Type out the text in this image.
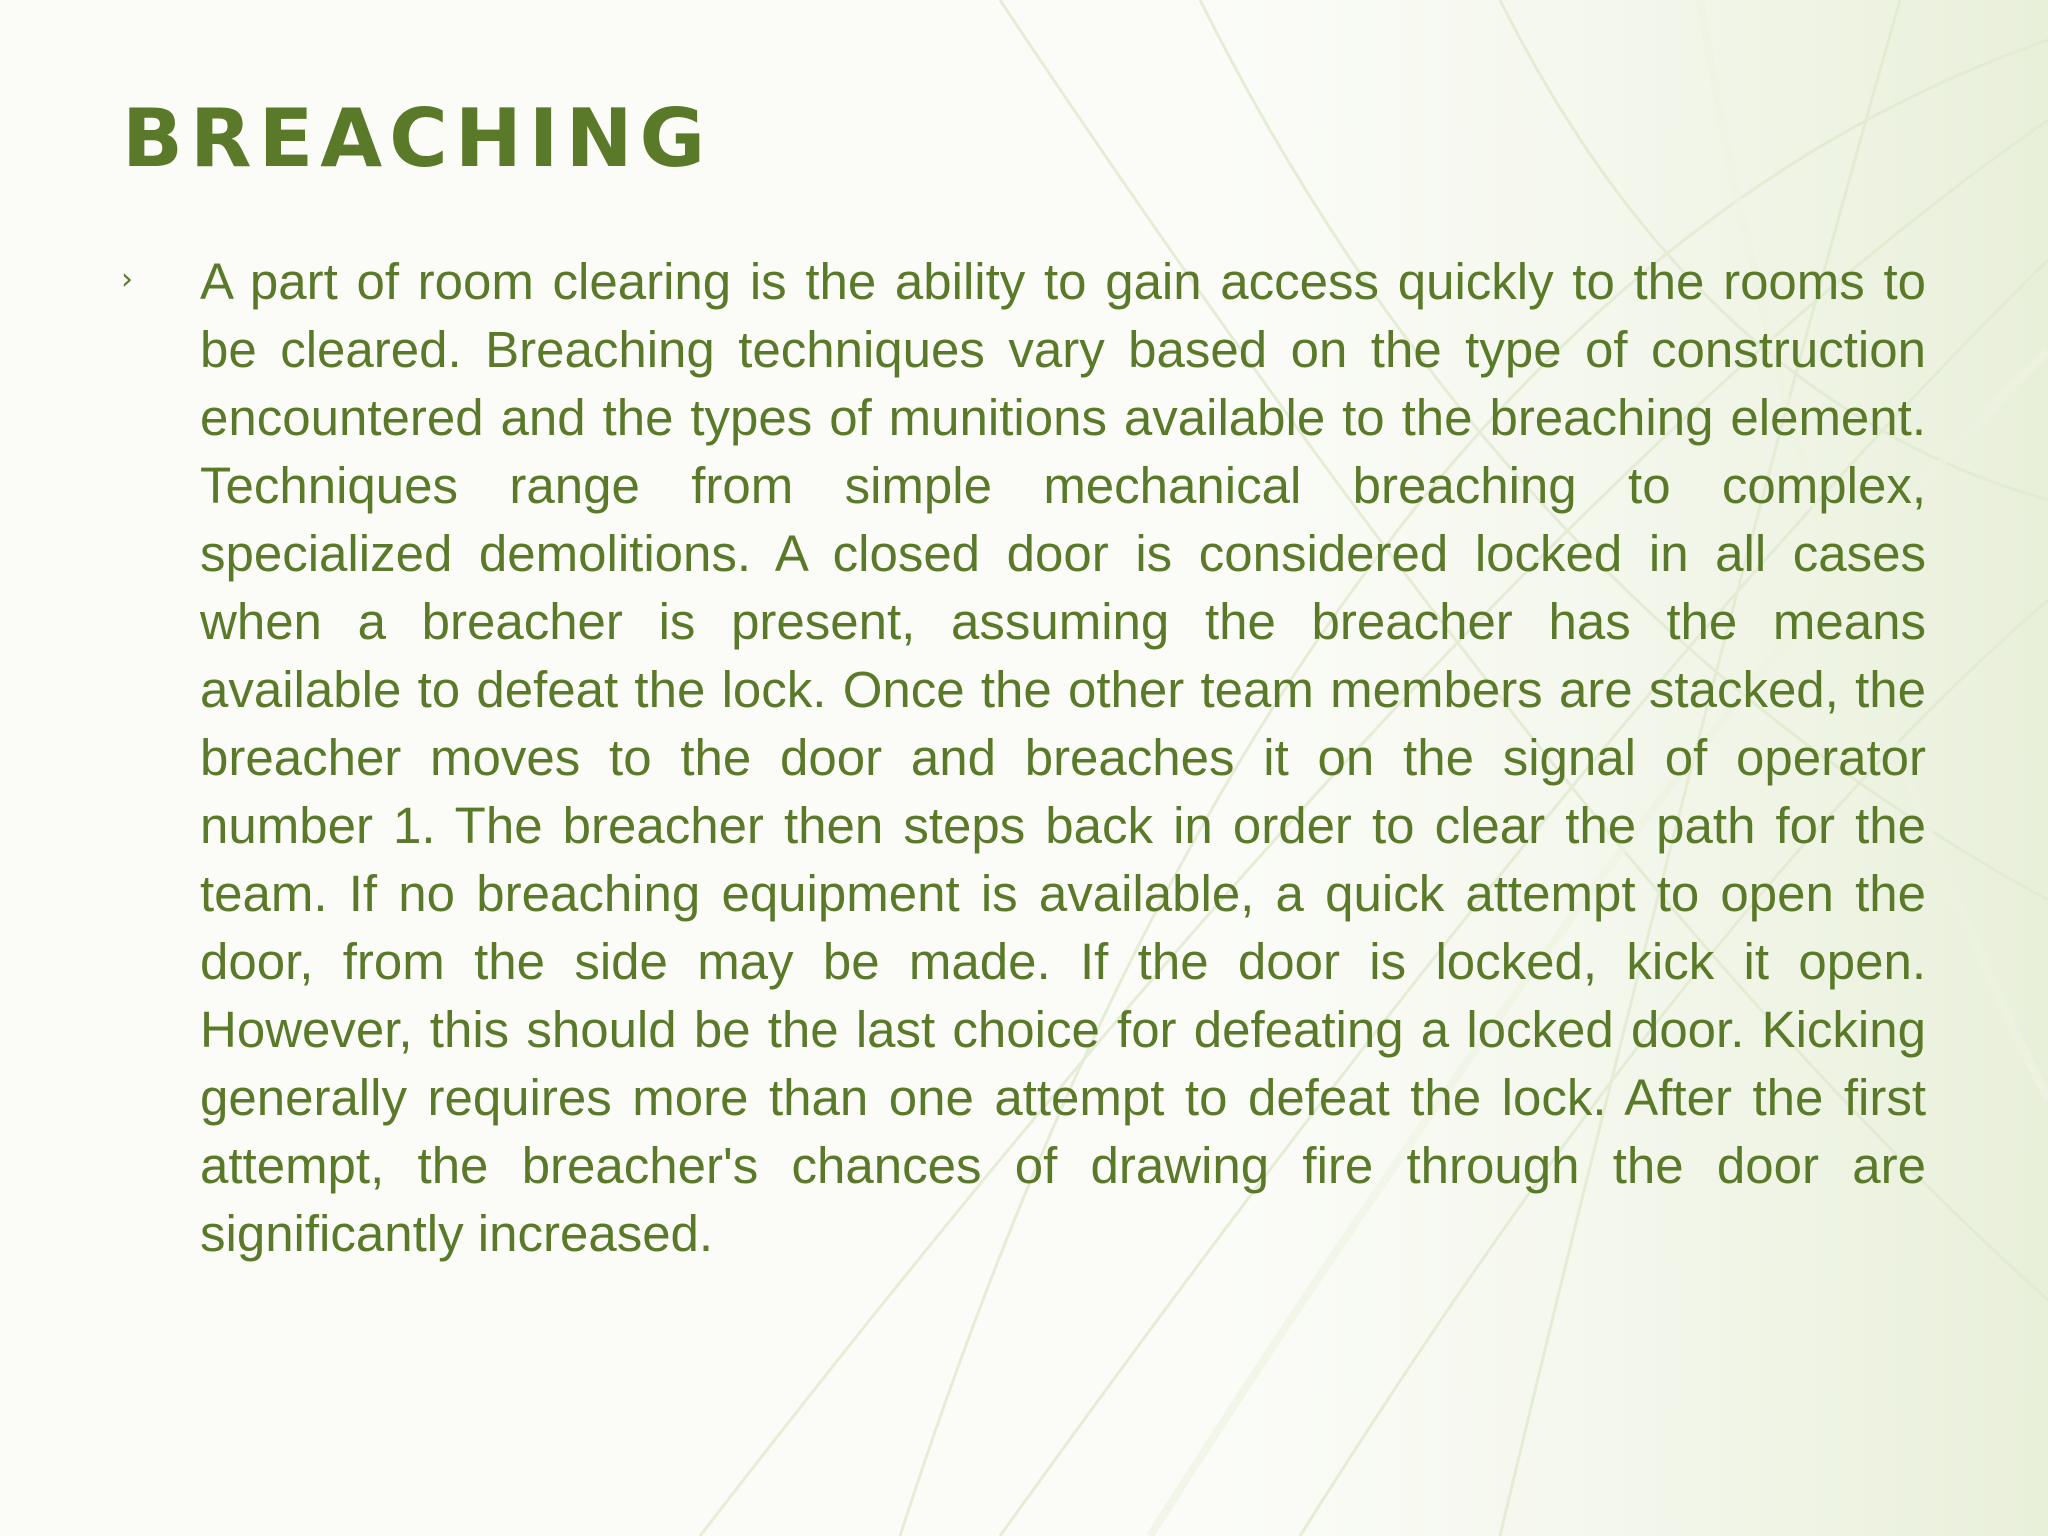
BREACHING
› A part of room clearing is the ability to gain access quickly to the rooms to be cleared. Breaching techniques vary based on the type of construction encountered and the types of munitions available to the breaching element. Techniques range from simple mechanical breaching to complex, specialized demolitions. A closed door is considered locked in all cases when a breacher is present, assuming the breacher has the means available to defeat the lock. Once the other team members are stacked, the breacher moves to the door and breaches it on the signal of operator number 1. The breacher then steps back in order to clear the path for the team. If no breaching equipment is available, a quick attempt to open the door, from the side may be made. If the door is locked, kick it open. However, this should be the last choice for defeating a locked door. Kicking generally requires more than one attempt to defeat the lock. After the first attempt, the breacher's chances of drawing fire through the door are significantly increased.
